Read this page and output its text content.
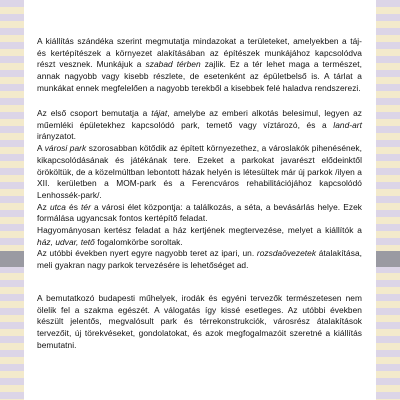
A kiállítás szándéka szerint megmutatja mindazokat a területeket, amelyekben a táj- és kertépítészek a környezet alakításában az építészek munkájához kapcsolódva részt vesznek. Munkájuk a szabad térben zajlik. Ez a tér lehet maga a természet, annak nagyobb vagy kisebb részlete, de esetenként az épületbelső is. A tárlat a munkákat ennek megfelelően a nagyobb terekből a kisebbek felé haladva rendszerezi.

Az első csoport bemutatja a tájat, amelybe az emberi alkotás belesimul, legyen az műemléki épületekhez kapcsolódó park, temető vagy víztározó, és a land-art irányzatot.

A városi park szorosabban kötődik az épített környezethez, a városlakók pihenésének, kikapcsolódásának és játékának tere. Ezeket a parkokat javarészt elődeinktől örököltük, de a közelmúltban lebontott házak helyén is létesültek már új parkok /ilyen a XII. kerületben a MOM-park és a Ferencváros rehabilitációjához kapcsolódó Lenhossék-park/.

Az utca és tér a városi élet központja: a találkozás, a séta, a bevásárlás helye. Ezek formálása ugyancsak fontos kertépítő feladat.

Hagyományosan kertész feladat a ház kertjének megtervezése, melyet a kiállítók a ház, udvar, tető fogalomkörbe soroltak.

Az utóbbi években nyert egyre nagyobb teret az ipari, un. rozsdaövezetek átalakítása, meli gyakran nagy parkok tervezésére is lehetőséget ad.

A bemutatkozó budapesti műhelyek, irodák és egyéni tervezők természetesen nem ölelik fel a szakma egészét. A válogatás így kissé esetleges. Az utóbbi években készült jelentős, megvalósult park és térrekonstrukciók, városrész átalakítások tervezőit, új törekvéseket, gondolatokat, és azok megfogalmazóit szeretné a kiállítás bemutatni.
